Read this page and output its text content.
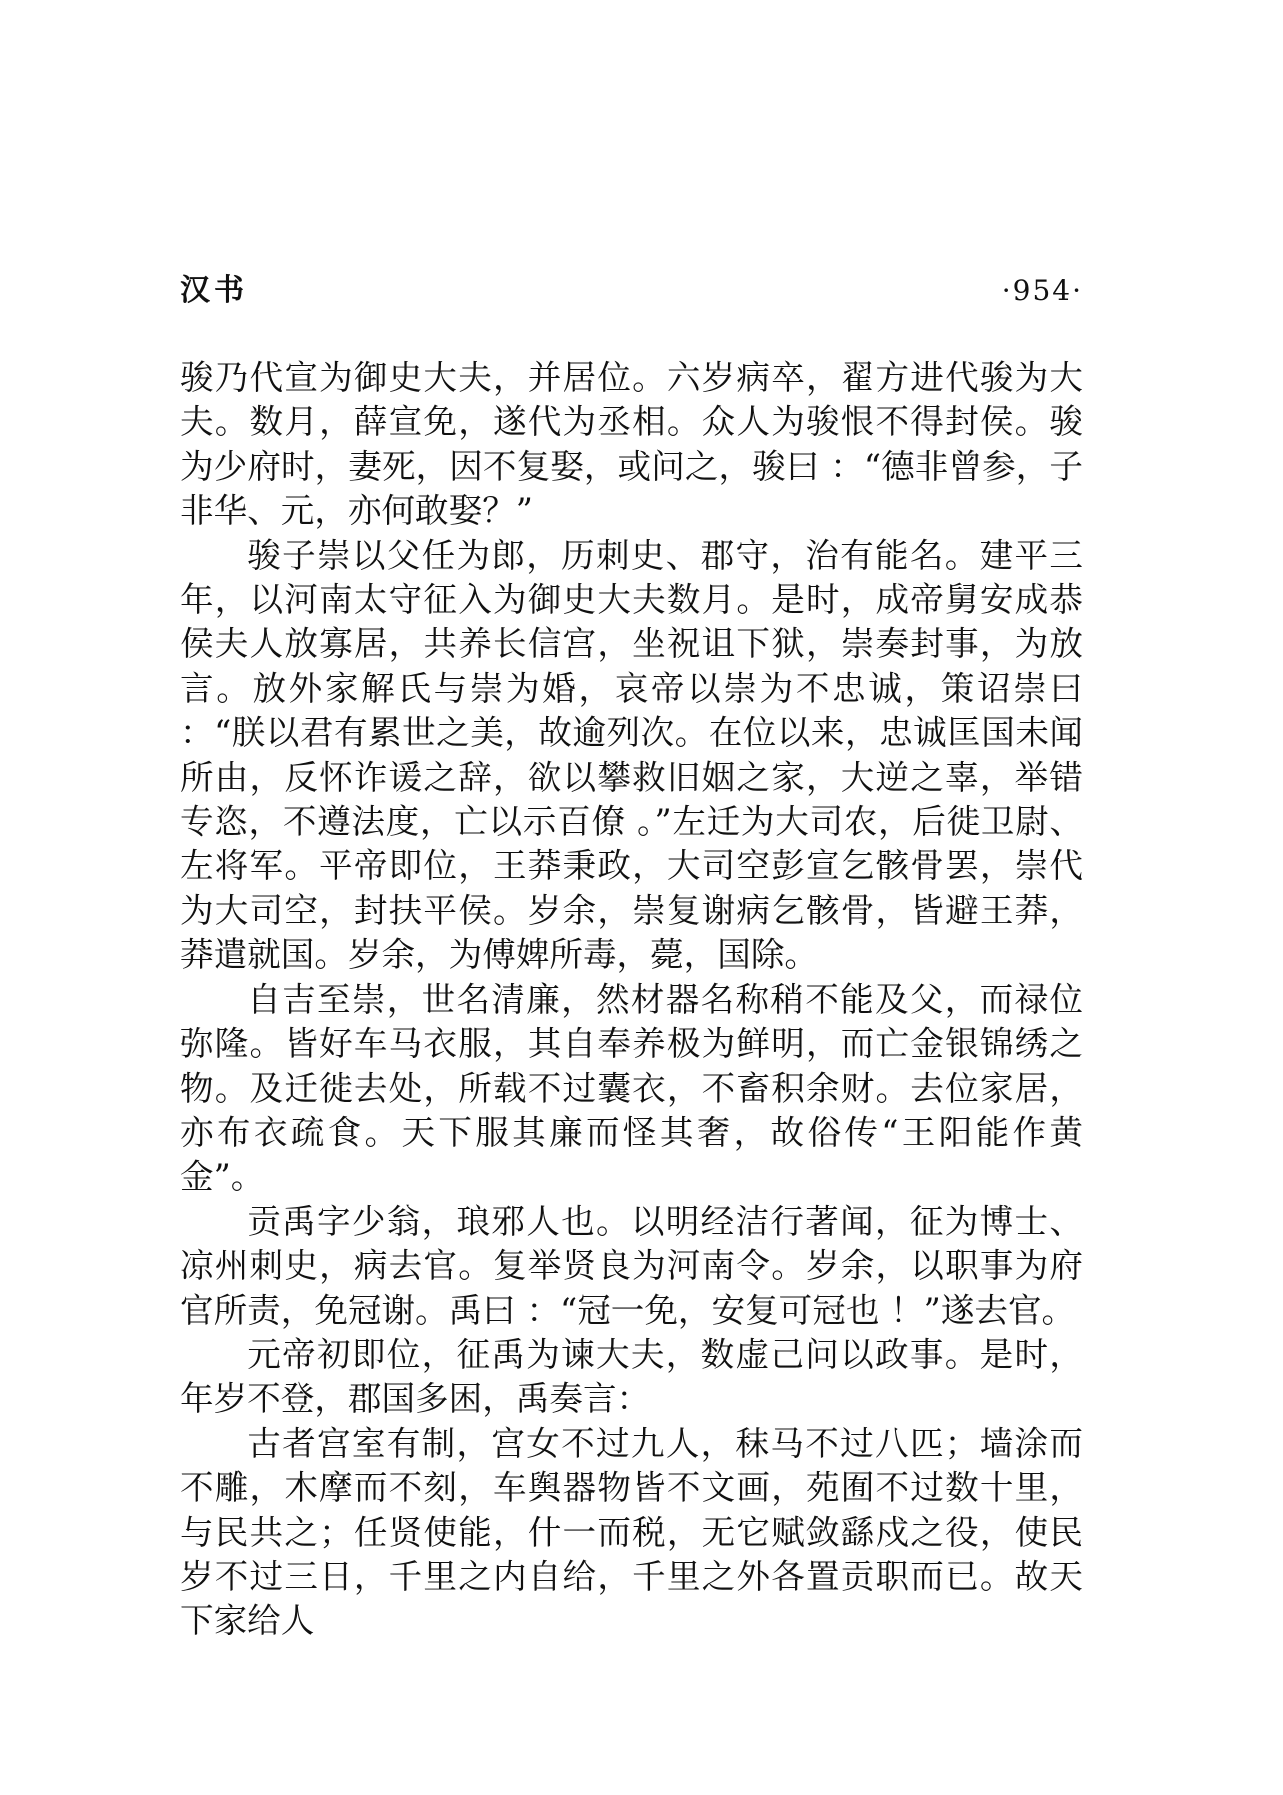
汉书	·954·

骏乃代宣为御史大夫，并居位。六岁病卒，翟方进代骏为大夫。数月，薛宣免，遂代为丞相。众人为骏恨不得封侯。骏为少府时，妻死，因不复娶，或问之，骏曰 ：“德非曾参，子非华、元，亦何敢娶？”

骏子崇以父任为郎，历刺史、郡守，治有能名。建平三年，以河南太守征入为御史大夫数月。是时，成帝舅安成恭侯夫人放寡居，共养长信宫，坐祝诅下狱，崇奏封事，为放言。放外家解氏与崇为婚，哀帝以崇为不忠诚，策诏崇曰 ：“朕以君有累世之美，故逾列次。在位以来，忠诚匡国未闻所由，反怀诈谖之辞，欲以攀救旧姻之家，大逆之辜，举错专恣，不遵法度，亡以示百僚 。”左迁为大司农，后徙卫尉、左将军。平帝即位，王莽秉政，大司空彭宣乞骸骨罢，崇代为大司空，封扶平侯。岁余，崇复谢病乞骸骨，皆避王莽，莽遣就国。岁余，为傅婢所毒，薨，国除。

自吉至崇，世名清廉，然材器名称稍不能及父，而禄位弥隆。皆好车马衣服，其自奉养极为鲜明，而亡金银锦绣之物。及迁徙去处，所载不过囊衣，不畜积余财。去位家居，亦布衣疏食。天下服其廉而怪其奢，故俗传“王阳能作黄金”。

贡禹字少翁，琅邪人也。以明经洁行著闻，征为博士、凉州刺史，病去官。复举贤良为河南令。岁余，以职事为府官所责，免冠谢。禹曰 ：“冠一免，安复可冠也 ！”遂去官。

元帝初即位，征禹为谏大夫，数虚己问以政事。是时，年岁不登，郡国多困，禹奏言：

古者宫室有制，宫女不过九人，秣马不过八匹；墙涂而不雕，木摩而不刻，车舆器物皆不文画，苑囿不过数十里，与民共之；任贤使能，什一而税，无它赋敛繇戍之役，使民岁不过三日，千里之内自给，千里之外各置贡职而已。故天下家给人
